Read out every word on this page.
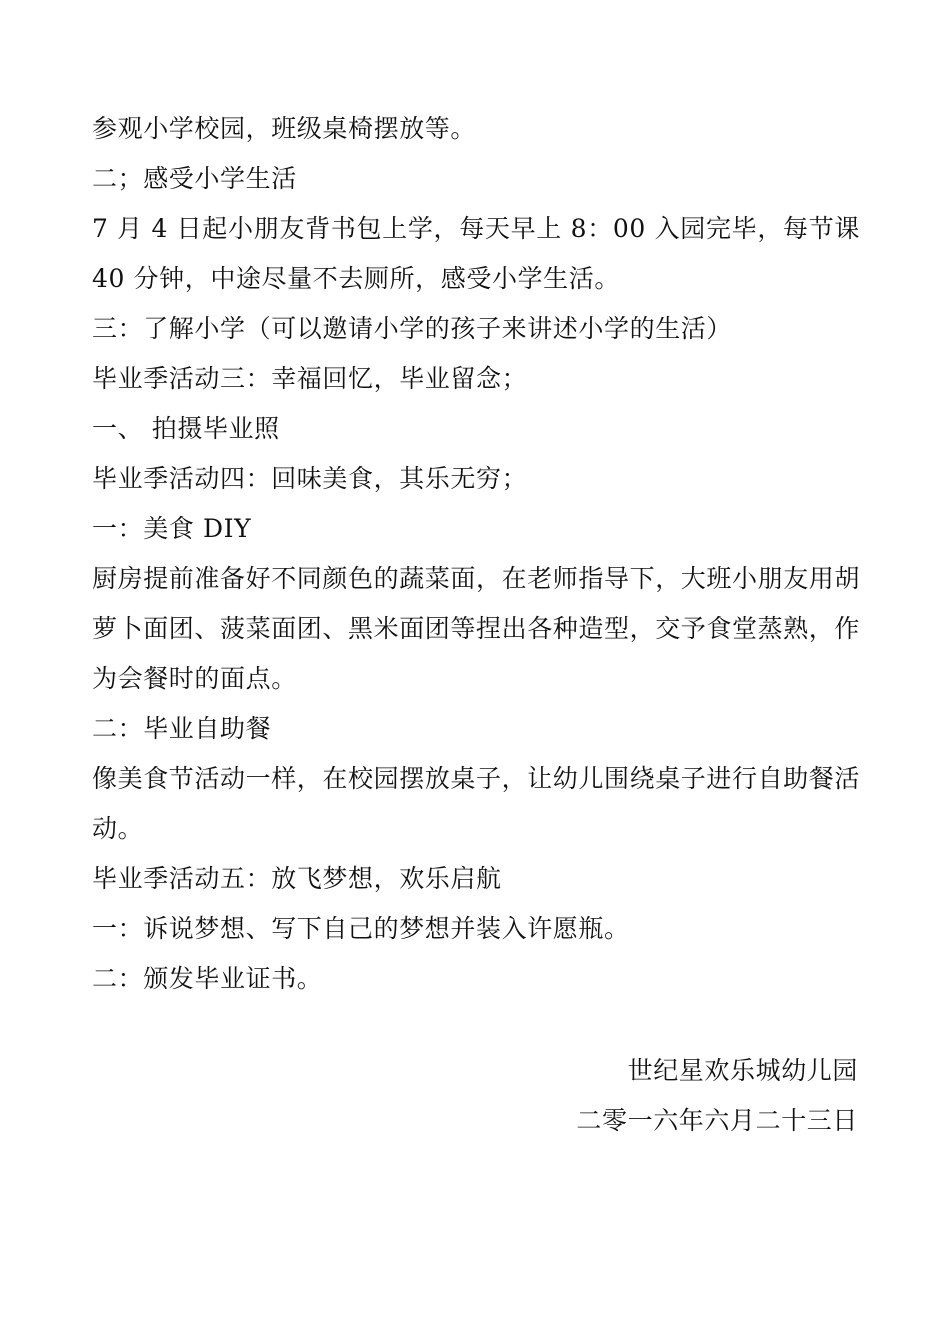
参观小学校园，班级桌椅摆放等。
二；感受小学生活
7 月 4 日起小朋友背书包上学，每天早上 8：00 入园完毕，每节课 40 分钟，中途尽量不去厕所，感受小学生活。
三：了解小学（可以邀请小学的孩子来讲述小学的生活）
毕业季活动三：幸福回忆，毕业留念；
一、 拍摄毕业照
毕业季活动四：回味美食，其乐无穷；
一：美食 DIY
厨房提前准备好不同颜色的蔬菜面，在老师指导下，大班小朋友用胡萝卜面团、菠菜面团、黑米面团等捏出各种造型，交予食堂蒸熟，作为会餐时的面点。
二：毕业自助餐
像美食节活动一样，在校园摆放桌子，让幼儿围绕桌子进行自助餐活动。
毕业季活动五：放飞梦想，欢乐启航
一：诉说梦想、写下自己的梦想并装入许愿瓶。
二：颁发毕业证书。
世纪星欢乐城幼儿园
二零一六年六月二十三日
